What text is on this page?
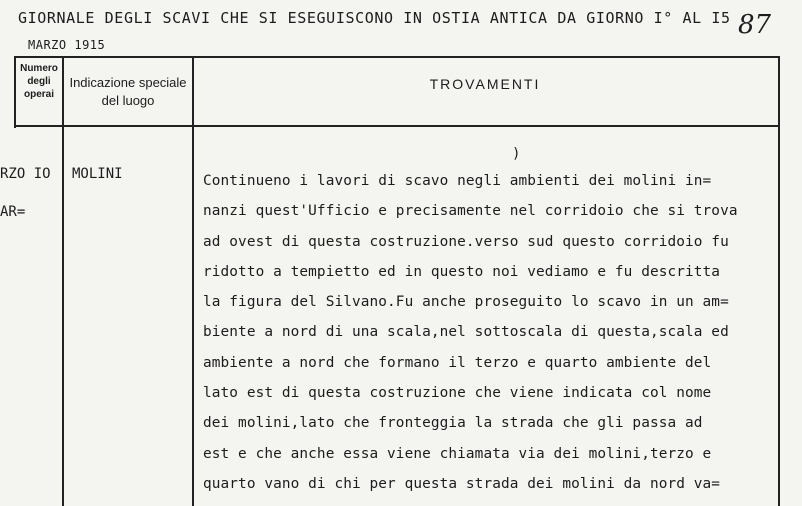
GIORNALE DEGLI SCAVI CHE SI ESEGUISCONO IN OSTIA ANTICA DA GIORNO I° AL I5
MARZO 1915
87
Numero degli operai
Indicazione speciale del luogo
TROVAMENTI
RZO IO
AR=
MOLINI
)
Continueno i lavori di scavo negli ambienti dei molini in=
nanzi quest'Ufficio e precisamente nel corridoio che si trova
ad ovest di questa costruzione.verso sud questo corridoio fu
ridotto a tempietto ed in questo noi vediamo e fu descritta
la figura del Silvano.Fu anche proseguito lo scavo in un am=
biente a nord di una scala,nel sottoscala di questa,scala ed
ambiente a nord che formano il terzo e quarto ambiente del
lato est di questa costruzione che viene indicata col nome
dei molini,lato che fronteggia la strada che gli passa ad
est e che anche essa viene chiamata via dei molini,terzo e
quarto vano di chi per questa strada dei molini da nord va=
